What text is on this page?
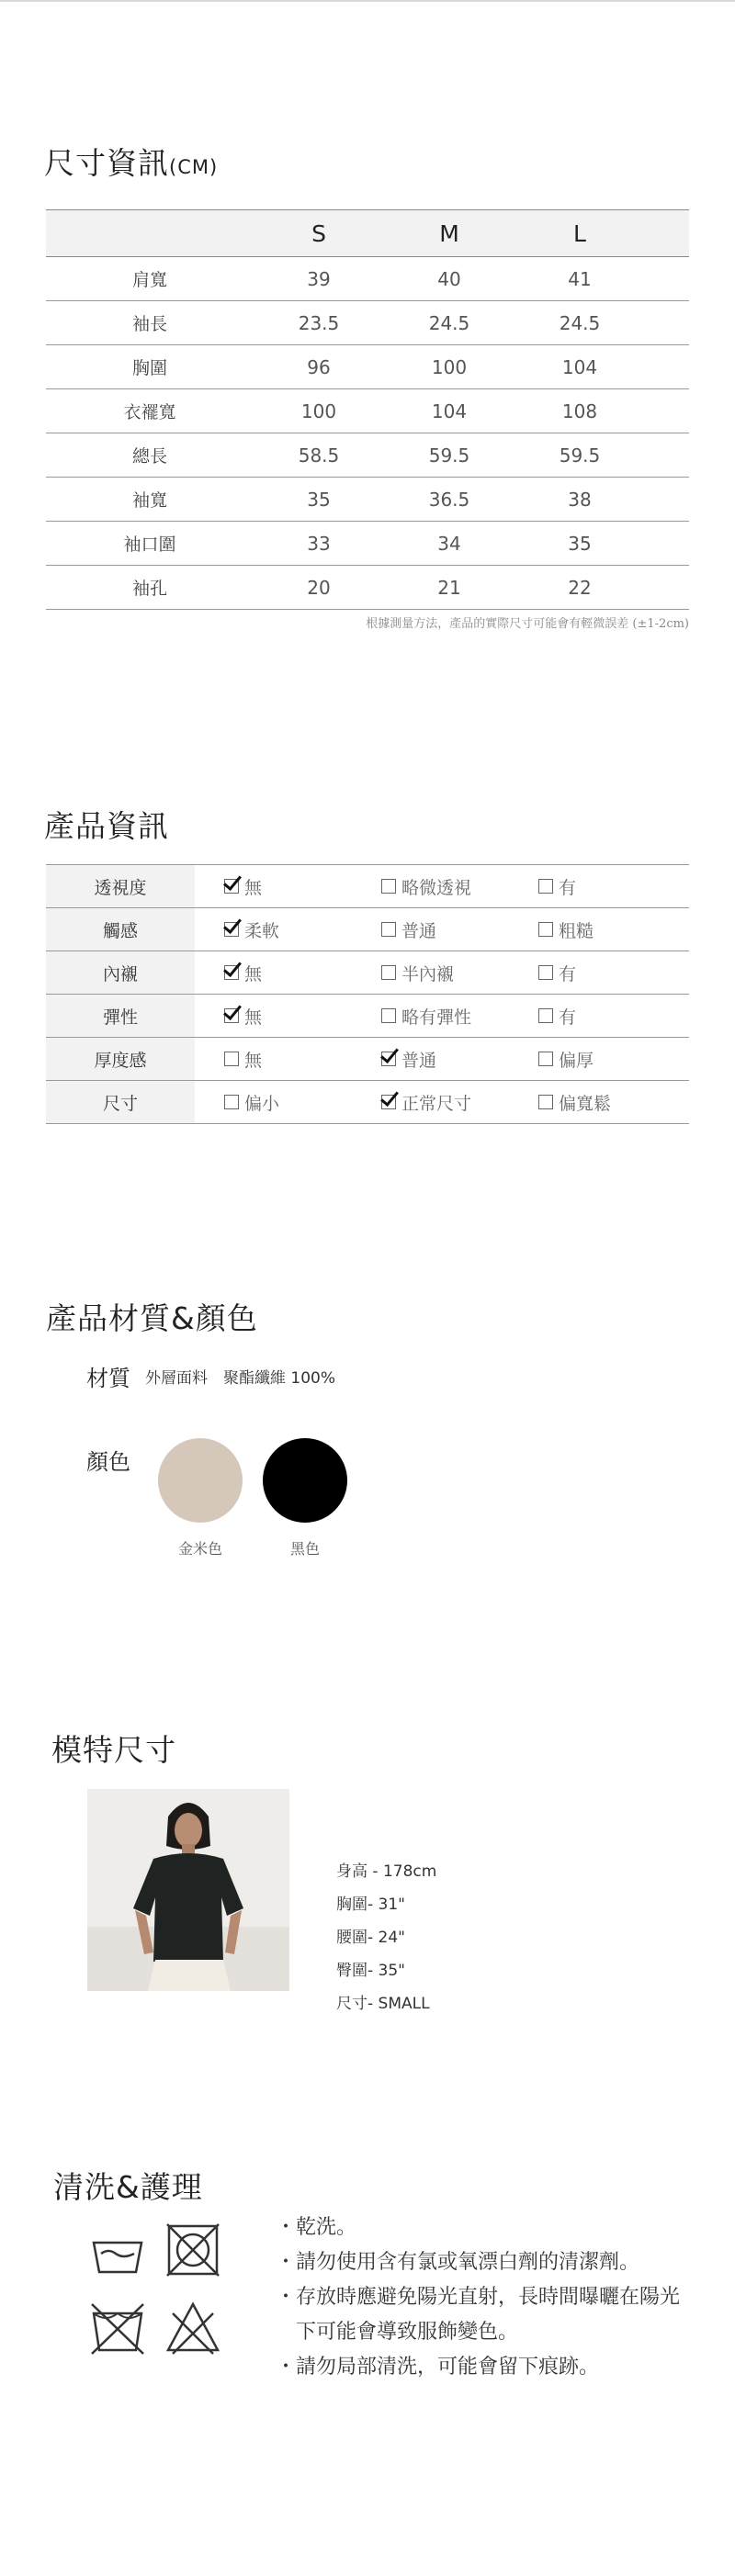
尺寸資訊(CM)
	S	M	L	
肩寬	39	40	41	
袖長	23.5	24.5	24.5	
胸圍	96	100	104	
衣襬寬	100	104	108	
總長	58.5	59.5	59.5	
袖寬	35	36.5	38	
袖口圍	33	34	35	
袖孔	20	21	22	
根據測量方法，產品的實際尺寸可能會有輕微誤差 (±1-2cm)
產品資訊
透視度	無	略微透視	有
觸感	柔軟	普通	粗糙
內襯	無	半內襯	有
彈性	無	略有彈性	有
厚度感	無	普通	偏厚
尺寸	偏小	正常尺寸	偏寬鬆
產品材質&顏色
材質 外層面料　聚酯纖維 100%
顏色
金米色	黑色
模特尺寸
身高 - 178cm
胸圍- 31"
腰圍- 24"
臀圍- 35"
尺寸- SMALL
清洗&護理
・乾洗。
・請勿使用含有氯或氧漂白劑的清潔劑。
・存放時應避免陽光直射，長時間曝曬在陽光
　下可能會導致服飾變色。
・請勿局部清洗，可能會留下痕跡。
